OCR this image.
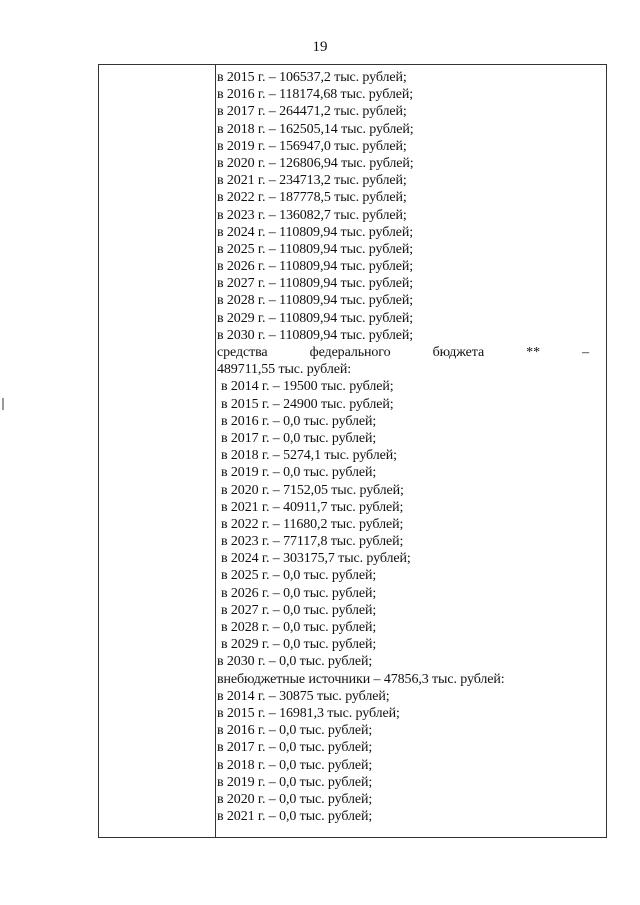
19
в 2015 г. – 106537,2 тыс. рублей;
в 2016 г. – 118174,68 тыс. рублей;
в 2017 г. – 264471,2 тыс. рублей;
в 2018 г. – 162505,14 тыс. рублей;
в 2019 г. – 156947,0 тыс. рублей;
в 2020 г. – 126806,94 тыс. рублей;
в 2021 г. – 234713,2 тыс. рублей;
в 2022 г. – 187778,5 тыс. рублей;
в 2023 г. – 136082,7 тыс. рублей;
в 2024 г. – 110809,94 тыс. рублей;
в 2025 г. – 110809,94 тыс. рублей;
в 2026 г. – 110809,94 тыс. рублей;
в 2027 г. – 110809,94 тыс. рублей;
в 2028 г. – 110809,94 тыс. рублей;
в 2029 г. – 110809,94 тыс. рублей;
в 2030 г. – 110809,94 тыс. рублей;
средства	федерального	бюджета	**	–
489711,55 тыс. рублей:
в 2014 г. – 19500 тыс. рублей;
в 2015 г. – 24900 тыс. рублей;
в 2016 г. – 0,0 тыс. рублей;
в 2017 г. – 0,0 тыс. рублей;
в 2018 г. – 5274,1 тыс. рублей;
в 2019 г. – 0,0 тыс. рублей;
в 2020 г. – 7152,05 тыс. рублей;
в 2021 г. – 40911,7 тыс. рублей;
в 2022 г. – 11680,2 тыс. рублей;
в 2023 г. – 77117,8 тыс. рублей;
в 2024 г. – 303175,7 тыс. рублей;
в 2025 г. – 0,0 тыс. рублей;
в 2026 г. – 0,0 тыс. рублей;
в 2027 г. – 0,0 тыс. рублей;
в 2028 г. – 0,0 тыс. рублей;
в 2029 г. – 0,0 тыс. рублей;
в 2030 г. – 0,0 тыс. рублей;
внебюджетные источники – 47856,3 тыс. рублей:
в 2014 г. – 30875 тыс. рублей;
в 2015 г. – 16981,3 тыс. рублей;
в 2016 г. – 0,0 тыс. рублей;
в 2017 г. – 0,0 тыс. рублей;
в 2018 г. – 0,0 тыс. рублей;
в 2019 г. – 0,0 тыс. рублей;
в 2020 г. – 0,0 тыс. рублей;
в 2021 г. – 0,0 тыс. рублей;
